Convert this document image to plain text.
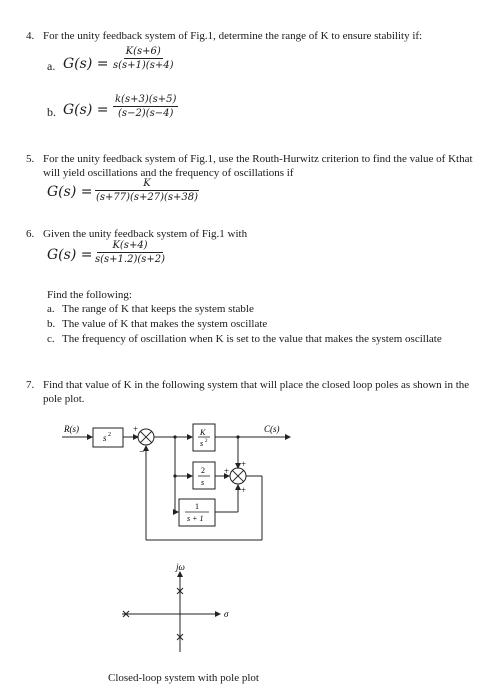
4. For the unity feedback system of Fig.1, determine the range of K to ensure stability if:
a. $G(s) = \frac{K(s+6)}{s(s+1)(s+4)}$
b. $G(s) = \frac{k(s+3)(s+5)}{(s-2)(s-4)}$
5. For the unity feedback system of Fig.1, use the Routh-Hurwitz criterion to find the value of Kthat
will yield oscillations and the frequency of oscillations if
$G(s) = \frac{K}{(s+77)(s+27)(s+38)}$
6. Given the unity feedback system of Fig.1 with
$G(s) = \frac{K(s+4)}{s(s+1.2)(s+2)}$
Find the following:
a. The range of K that keeps the system stable
b. The value of K that makes the system oscillate
c. The frequency of oscillation when K is set to the value that makes the system oscillate
7. Find that value of K in the following system that will place the closed loop poles as shown in the
pole plot.
R(s)	C(s)
s 2	K
s 2
2
s
1
s + 1
+
−
+
+
+
jω
σ
Closed-loop system with pole plot
